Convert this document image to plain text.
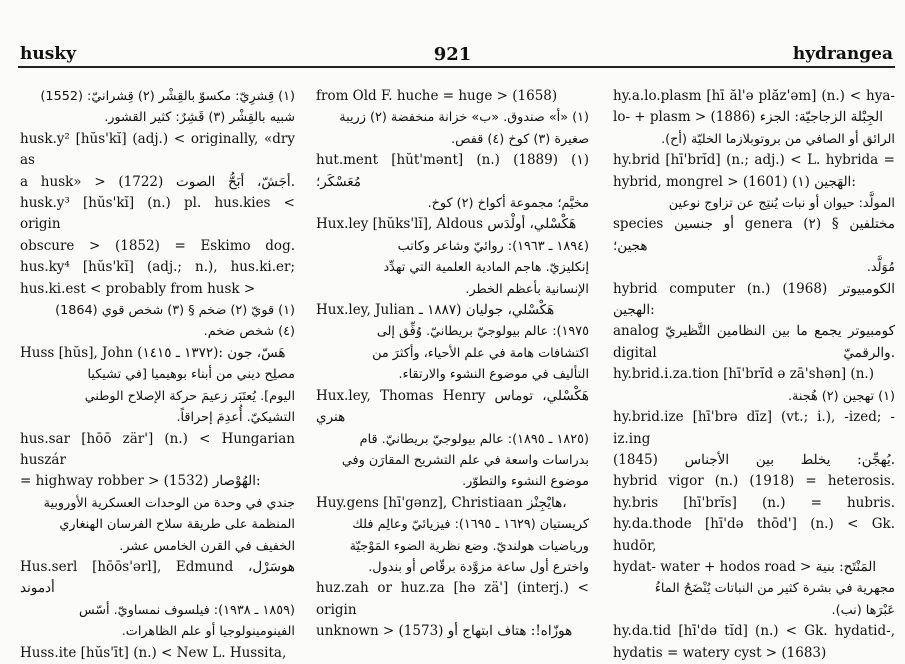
husky	921	hydrangea

(١) قِشرِيّ: مكسوّ بالقِشْر (٢) قِشرانيّ: (1552)

شبيه بالقِشْر (٣) قَشِرٌ: كثير القشور.

husk.y² [hŭs'kĭ] (adj.) < originally, «dry as

a husk» > (1722) أجَشّ، أبَحُّ الصوت.

husk.y³ [hŭs'kĭ] (n.) pl. hus.kies < origin

obscure > (1852) = Eskimo dog.

hus.ky⁴ [hŭs'kĭ] (adj.; n.), hus.ki.er;

hus.ki.est < probably from husk >

(١) قويّ (٢) ضخم § (٣) شخص قوي (1864)

(٤) شخص ضخم.

Huss [hŭs], John (١٣٧٢ ـ ١٤١٥): هَسّ، جون

مصلِح ديني من أبناء بوهيميا [في تشيكيا

اليوم]. يُعتَبَر زعيمَ حركة الإصلاح الوطني

التشيكيّ. أُعدِمَ إحراقاً.

hus.sar [hōō zär'] (n.) < Hungarian huszár

= highway robber > (1532) الهُوْصار:

جندي في وحدة من الوحدات العسكرية الأوروبية

المنظمة على طريقة سلاح الفرسان الهنغاري

الخفيف في القرن الخامس عشر.

Hus.serl [hōōs'ərl], Edmund هوسَرْل، أدموند

(١٨٥٩ ـ ١٩٣٨): فيلسوف نمساويّ. أسّس

الفينومينولوجيا أو علم الظاهرات.

Huss.ite [hŭs'īt] (n.) < New L. Hussita,

from Old F. huche = huge > (1658)

(١) «أ» صندوق. «ب» خزانة منخفضة (٢) زريبة

صغيرة (٣) كوخ (٤) قفص.

hut.ment [hŭt'mənt] (n.) (1889) (١) مُعَسْكَر؛

مخيَّم؛ مجموعة أكواخ (٢) كوخ.

Hux.ley [hŭks'lĭ], Aldous هَكْسْلي، أولْدَس

(١٨٩٤ ـ ١٩٦٣): روائيّ وشاعر وكاتب

إنكليزيّ. هاجم المادية العلمية التي تهدِّد

الإنسانية بأعظم الخطر.

Hux.ley, Julian هَكْسْلي، جوليان (١٨٨٧ ـ

١٩٧٥): عالم بيولوجيّ بريطانيّ. وُفِّق إلى

اكتشافات هامة في علم الأحياء، وأكثرَ من

التأليف في موضوع النشوء والارتقاء.

Hux.ley, Thomas Henry هَكْسْلي، توماس هنري

(١٨٢٥ ـ ١٨٩٥): عالم بيولوجيّ بريطانيّ. قام

بدراسات واسعة في علم التشريح المقارَن وفي

موضوع النشوء والتطوّر.

Huy.gens [hī'gənz], Christiaan هايْجِنْز،

كريستيان (١٦٢٩ ـ ١٦٩٥): فيزيائيّ وعالِم فلك

ورياضيات هولنديّ. وضع نظرية الضوء المَوْجيّة

واخترع أول ساعة مزوَّدة برقّاص أو بندول.

huz.zah or huz.za [hə zä'] (interj.) < origin

unknown > (1573) هوزّاه!: هتاف ابتهاج أو

hy.a.lo.plasm [hī ăl'ə plăz'əm] (n.) < hya-

lo- + plasm > (1886) الجِبْلة الزجاجيّة: الجزء

الرائق أو الصافي من بروتوبلازما الخليّة (أح).

hy.brid [hī'brĭd] (n.; adj.) < L. hybrida =

hybrid, mongrel > (1601) (١) الهَجين:

المولَّد: حيوان أو نبات يُنتِج عن تزاوج نوعين

species أو جنسين genera مختلفين § (٢) هجين؛

مُوَلَّد.

hybrid computer (n.) (1968) الكومبيوتر الهجين:

analog كومبيوتر يجمع ما بين النظامين التَّظيريّ

digital والرقميّ.

hy.brid.i.za.tion [hī'brĭd ə zā'shən] (n.)

(١) تهجين (٢) هُجنة.

hy.brid.ize [hī'brə dīz] (vt.; i.), -ized; -iz.ing

(1845) يُهجِّن: يخلط بين الأجناس.

hybrid vigor (n.) (1918) = heterosis.

hy.bris [hī'brĭs] (n.) = hubris.

hy.da.thode [hī'də thōd'] (n.) < Gk. hudōr,

hydat- water + hodos road > المَنْتَح: بنية

مجهرية في بشرة كثير من النباتات يُنْضَحُ الماءُ

عَبْرَها (نب).

hy.da.tid [hī'də tĭd] (n.) < Gk. hydatid-,

hydatis = watery cyst > (1683)
